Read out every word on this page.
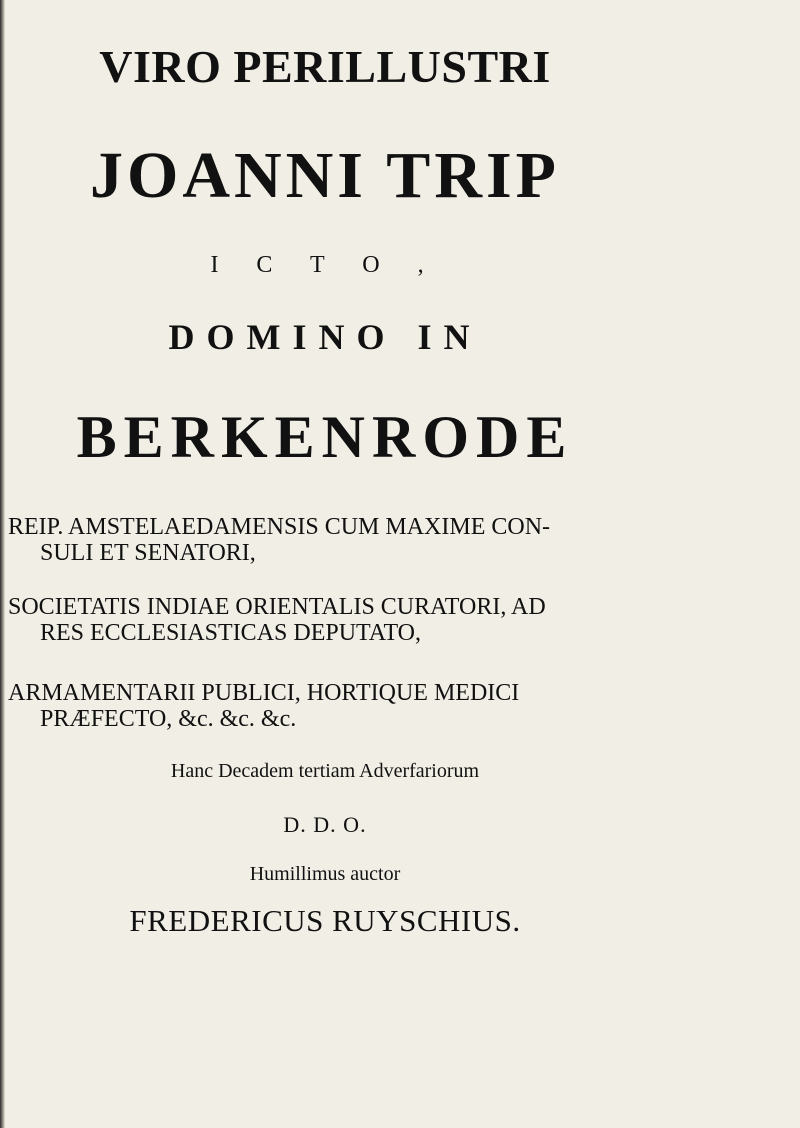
VIRO PERILLUSTRI
JOANNI TRIP
I C T O ,
DOMINO IN
BERKENRODE
REIP. AMSTELAEDAMENSIS CUM MAXIME CON-
SULI ET SENATORI,
SOCIETATIS INDIAE ORIENTALIS CURATORI, AD
RES ECCLESIASTICAS DEPUTATO,
ARMAMENTARII PUBLICI, HORTIQUE MEDICI
PRÆFECTO, &c. &c. &c.
Hanc Decadem tertiam Adverfariorum
D. D. O.
Humillimus auctor
FREDERICUS RUYSCHIUS.
